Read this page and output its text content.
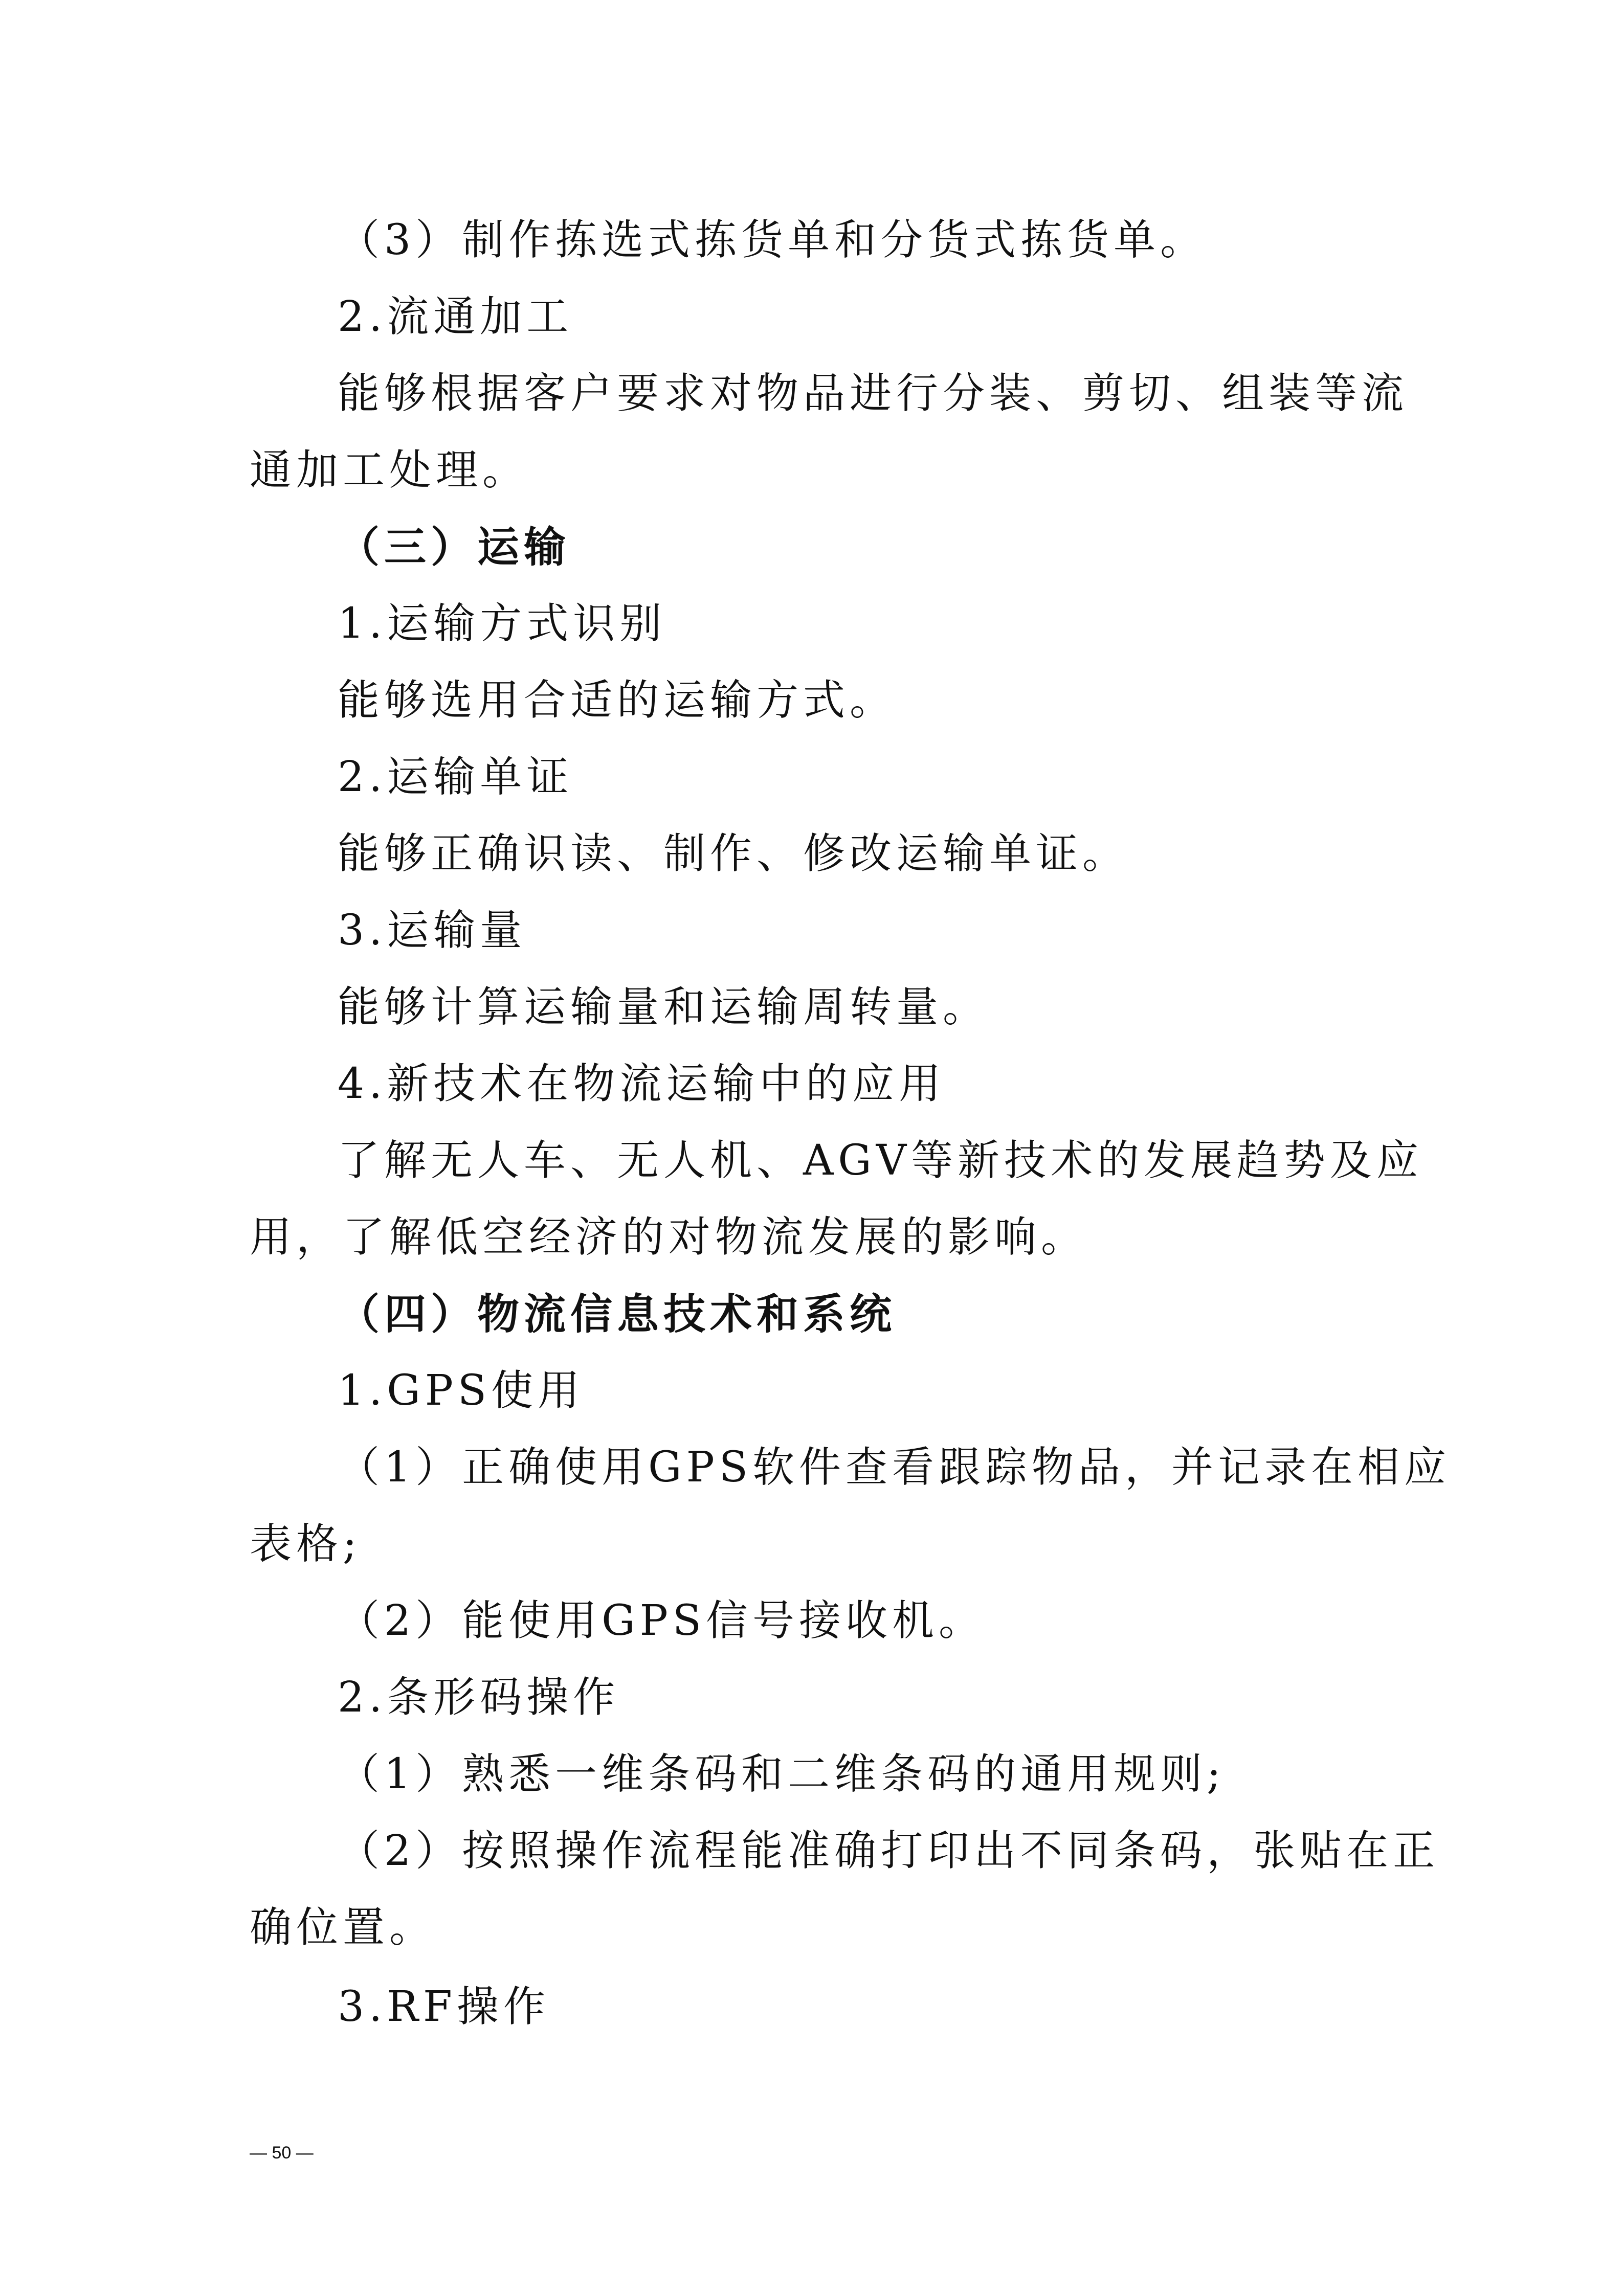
（3）制作拣选式拣货单和分货式拣货单。

2.流通加工

能够根据客户要求对物品进行分装、剪切、组装等流

通加工处理。

（三）运输

1.运输方式识别

能够选用合适的运输方式。

2.运输单证

能够正确识读、制作、修改运输单证。

3.运输量

能够计算运输量和运输周转量。

4.新技术在物流运输中的应用

了解无人车、无人机、AGV等新技术的发展趋势及应

用，了解低空经济的对物流发展的影响。

（四）物流信息技术和系统

1.GPS使用

（1）正确使用GPS软件查看跟踪物品，并记录在相应

表格;

（2）能使用GPS信号接收机。

2.条形码操作

（1）熟悉一维条码和二维条码的通用规则;

（2）按照操作流程能准确打印出不同条码，张贴在正

确位置。

3.RF操作

— 50 —
